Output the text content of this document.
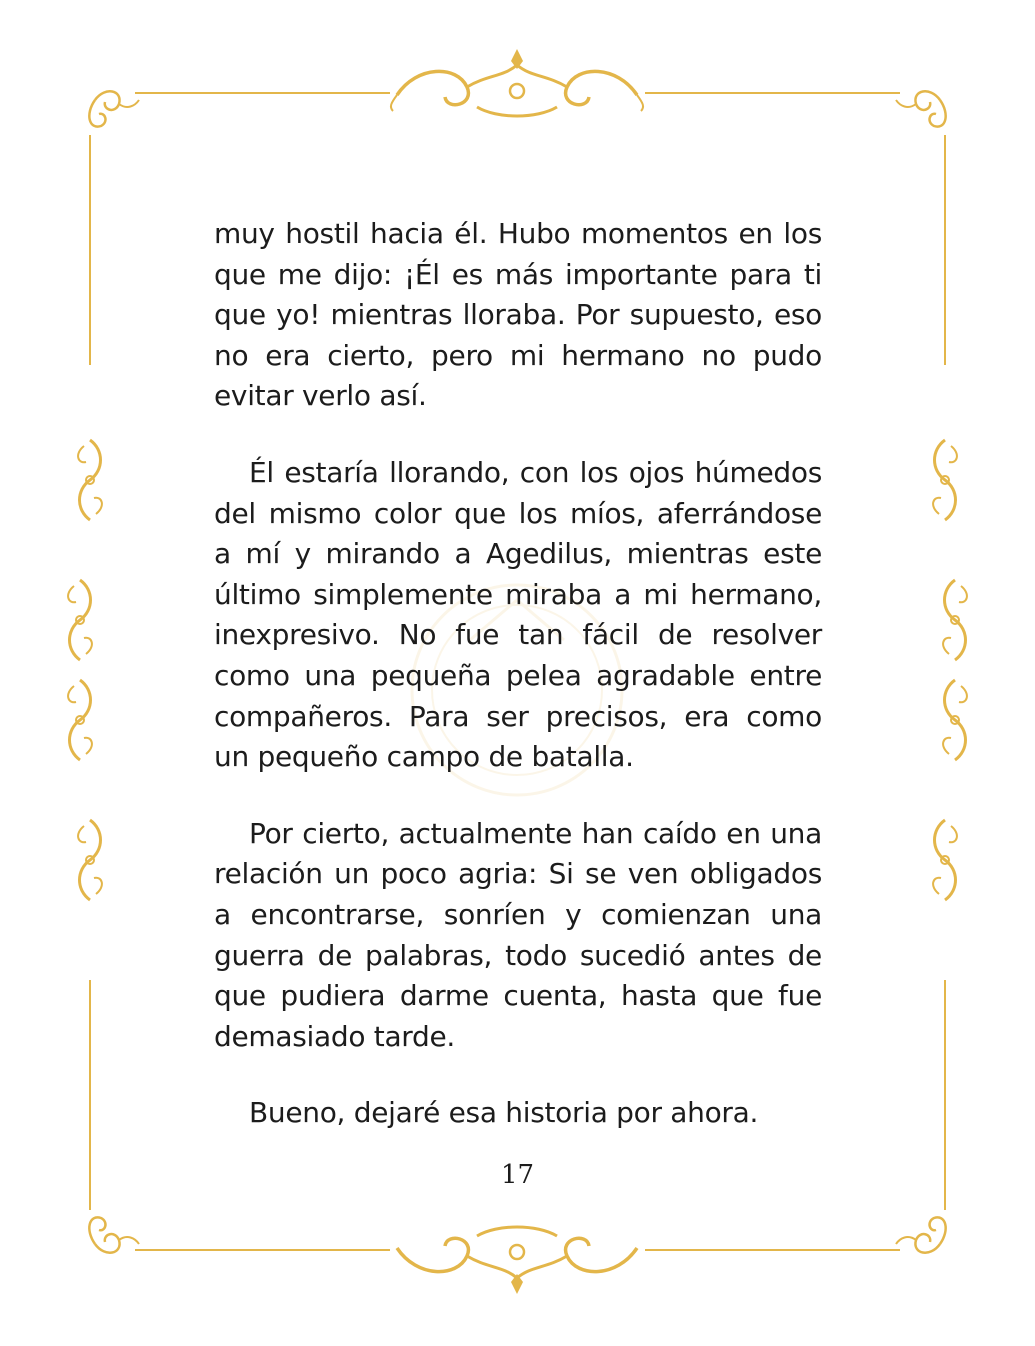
muy hostil hacia él. Hubo momentos en los que me dijo: ¡Él es más importante para ti que yo! mientras lloraba. Por supuesto, eso no era cierto, pero mi hermano no pudo evitar verlo así.

Él estaría llorando, con los ojos húmedos del mismo color que los míos, aferrándose a mí y mirando a Agedilus, mientras este último simplemente miraba a mi hermano, inexpresivo. No fue tan fácil de resolver como una pequeña pelea agradable entre compañeros. Para ser precisos, era como un pequeño campo de batalla.

Por cierto, actualmente han caído en una relación un poco agria: Si se ven obligados a encontrarse, sonríen y comienzan una guerra de palabras, todo sucedió antes de que pudiera darme cuenta, hasta que fue demasiado tarde.

Bueno, dejaré esa historia por ahora.

17
